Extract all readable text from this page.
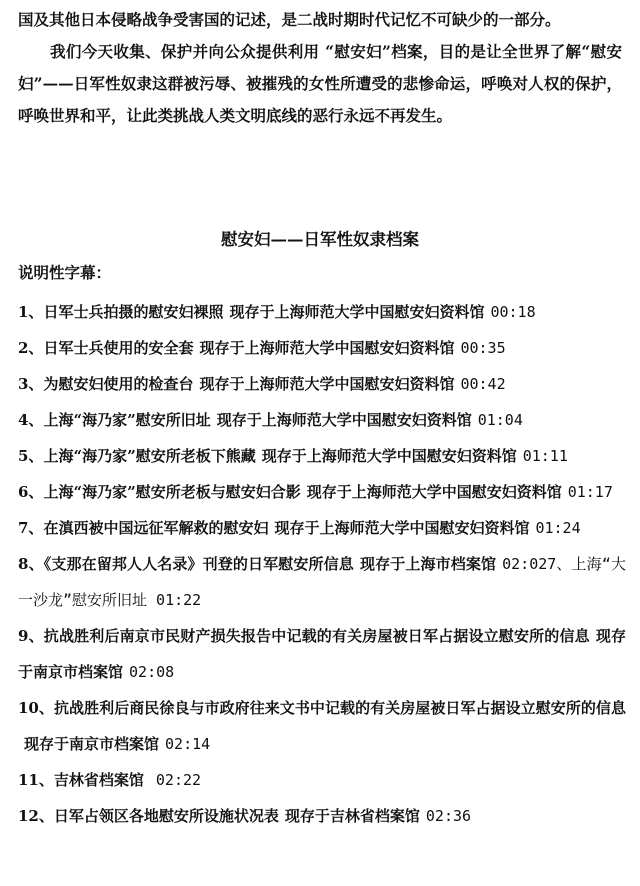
国及其他日本侵略战争受害国的记述，是二战时期时代记忆不可缺少的一部分。

我们今天收集、保护并向公众提供利用 “慰安妇”档案，目的是让全世界了解“慰安妇”——日军性奴隶这群被污辱、被摧残的女性所遭受的悲惨命运，呼唤对人权的保护，呼唤世界和平，让此类挑战人类文明底线的恶行永远不再发生。

慰安妇——日军性奴隶档案

说明性字幕：

1、日军士兵拍摄的慰安妇裸照 现存于上海师范大学中国慰安妇资料馆 00:18
2、日军士兵使用的安全套 现存于上海师范大学中国慰安妇资料馆 00:35
3、为慰安妇使用的检查台 现存于上海师范大学中国慰安妇资料馆 00:42
4、上海“海乃家”慰安所旧址 现存于上海师范大学中国慰安妇资料馆 01:04
5、上海“海乃家”慰安所老板下熊藏 现存于上海师范大学中国慰安妇资料馆 01:11
6、上海“海乃家”慰安所老板与慰安妇合影 现存于上海师范大学中国慰安妇资料馆 01:17
7、在滇西被中国远征军解救的慰安妇 现存于上海师范大学中国慰安妇资料馆 01:24
8、《支那在留邦人人名录》刊登的日军慰安所信息 现存于上海市档案馆 02:027、上海“大一沙龙”慰安所旧址 01:22
9、抗战胜利后南京市民财产损失报告中记载的有关房屋被日军占据设立慰安所的信息 现存于南京市档案馆 02:08
10、抗战胜利后商民徐良与市政府往来文书中记载的有关房屋被日军占据设立慰安所的信息现存于南京市档案馆 02:14
11、吉林省档案馆 02:22
12、日军占领区各地慰安所设施状况表 现存于吉林省档案馆 02:36
